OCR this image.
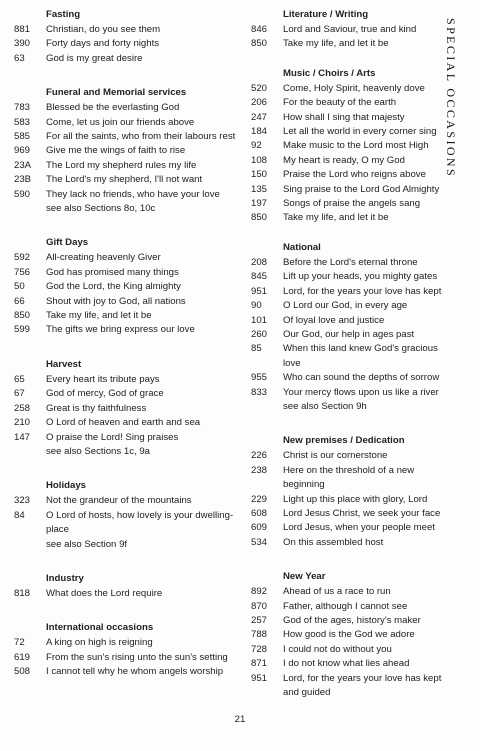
Fasting
881	Christian, do you see them
390	Forty days and forty nights
63	God is my great desire
Funeral and Memorial services
783	Blessed be the everlasting God
583	Come, let us join our friends above
585	For all the saints, who from their labours rest
969	Give me the wings of faith to rise
23A	The Lord my shepherd rules my life
23B	The Lord's my shepherd, I'll not want
590	They lack no friends, who have your love
see also Sections 8o, 10c
Gift Days
592	All-creating heavenly Giver
756	God has promised many things
50	God the Lord, the King almighty
66	Shout with joy to God, all nations
850	Take my life, and let it be
599	The gifts we bring express our love
Harvest
65	Every heart its tribute pays
67	God of mercy, God of grace
258	Great is thy faithfulness
210	O Lord of heaven and earth and sea
147	O praise the Lord! Sing praises
see also Sections 1c, 9a
Holidays
323	Not the grandeur of the mountains
84	O Lord of hosts, how lovely is your dwelling-place
see also Section 9f
Industry
818	What does the Lord require
International occasions
72	A king on high is reigning
619	From the sun's rising unto the sun's setting
508	I cannot tell why he whom angels worship
Literature / Writing
846	Lord and Saviour, true and kind
850	Take my life, and let it be
Music / Choirs / Arts
520	Come, Holy Spirit, heavenly dove
206	For the beauty of the earth
247	How shall I sing that majesty
184	Let all the world in every corner sing
92	Make music to the Lord most High
108	My heart is ready, O my God
150	Praise the Lord who reigns above
135	Sing praise to the Lord God Almighty
197	Songs of praise the angels sang
850	Take my life, and let it be
National
208	Before the Lord's eternal throne
845	Lift up your heads, you mighty gates
951	Lord, for the years your love has kept
90	O Lord our God, in every age
101	Of loyal love and justice
260	Our God, our help in ages past
85	When this land knew God's gracious love
955	Who can sound the depths of sorrow
833	Your mercy flows upon us like a river
see also Section 9h
New premises / Dedication
226	Christ is our cornerstone
238	Here on the threshold of a new beginning
229	Light up this place with glory, Lord
608	Lord Jesus Christ, we seek your face
609	Lord Jesus, when your people meet
534	On this assembled host
New Year
892	Ahead of us a race to run
870	Father, although I cannot see
257	God of the ages, history's maker
788	How good is the God we adore
728	I could not do without you
871	I do not know what lies ahead
951	Lord, for the years your love has kept and guided
SPECIAL OCCASIONS
21
